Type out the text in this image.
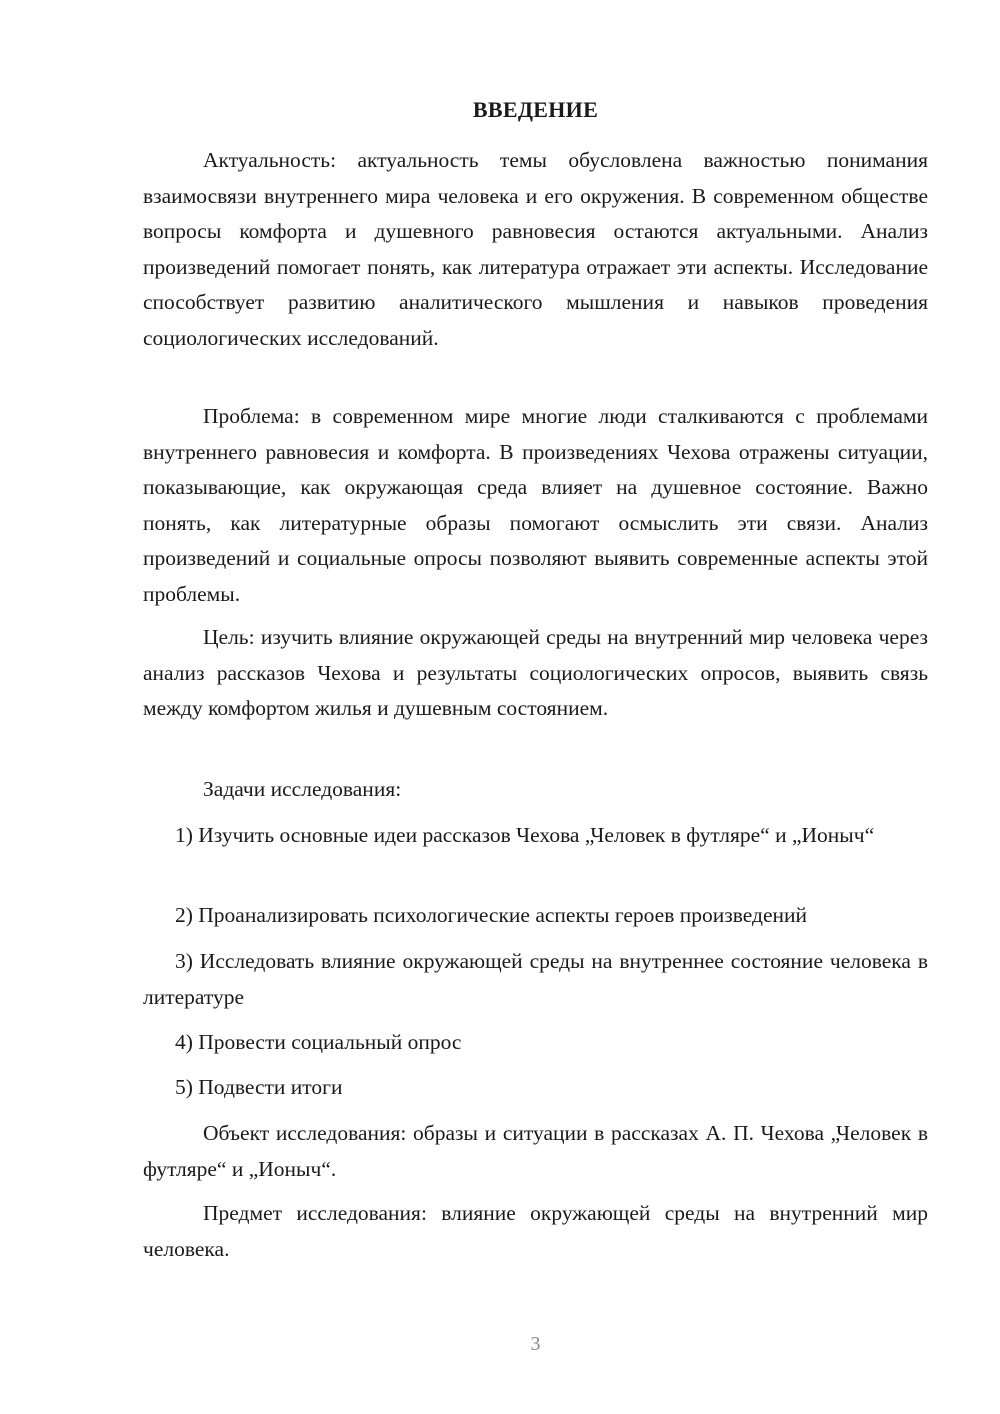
ВВЕДЕНИЕ

Актуальность: актуальность темы обусловлена важностью понимания взаимосвязи внутреннего мира человека и его окружения. В современном обществе вопросы комфорта и душевного равновесия остаются актуальными. Анализ произведений помогает понять, как литература отражает эти аспекты. Исследование способствует развитию аналитического мышления и навыков проведения социологических исследований.

Проблема: в современном мире многие люди сталкиваются с проблемами внутреннего равновесия и комфорта. В произведениях Чехова отражены ситуации, показывающие, как окружающая среда влияет на душевное состояние. Важно понять, как литературные образы помогают осмыслить эти связи. Анализ произведений и социальные опросы позволяют выявить современные аспекты этой проблемы.

Цель: изучить влияние окружающей среды на внутренний мир человека через анализ рассказов Чехова и результаты социологических опросов, выявить связь между комфортом жилья и душевным состоянием.

Задачи исследования:

1) Изучить основные идеи рассказов Чехова „Человек в футляре“ и „Ионыч“

2) Проанализировать психологические аспекты героев произведений

3) Исследовать влияние окружающей среды на внутреннее состояние человека в литературе

4) Провести социальный опрос

5) Подвести итоги

Объект исследования: образы и ситуации в рассказах А. П. Чехова „Человек в футляре“ и „Ионыч“.

Предмет исследования: влияние окружающей среды на внутренний мир человека.

3
